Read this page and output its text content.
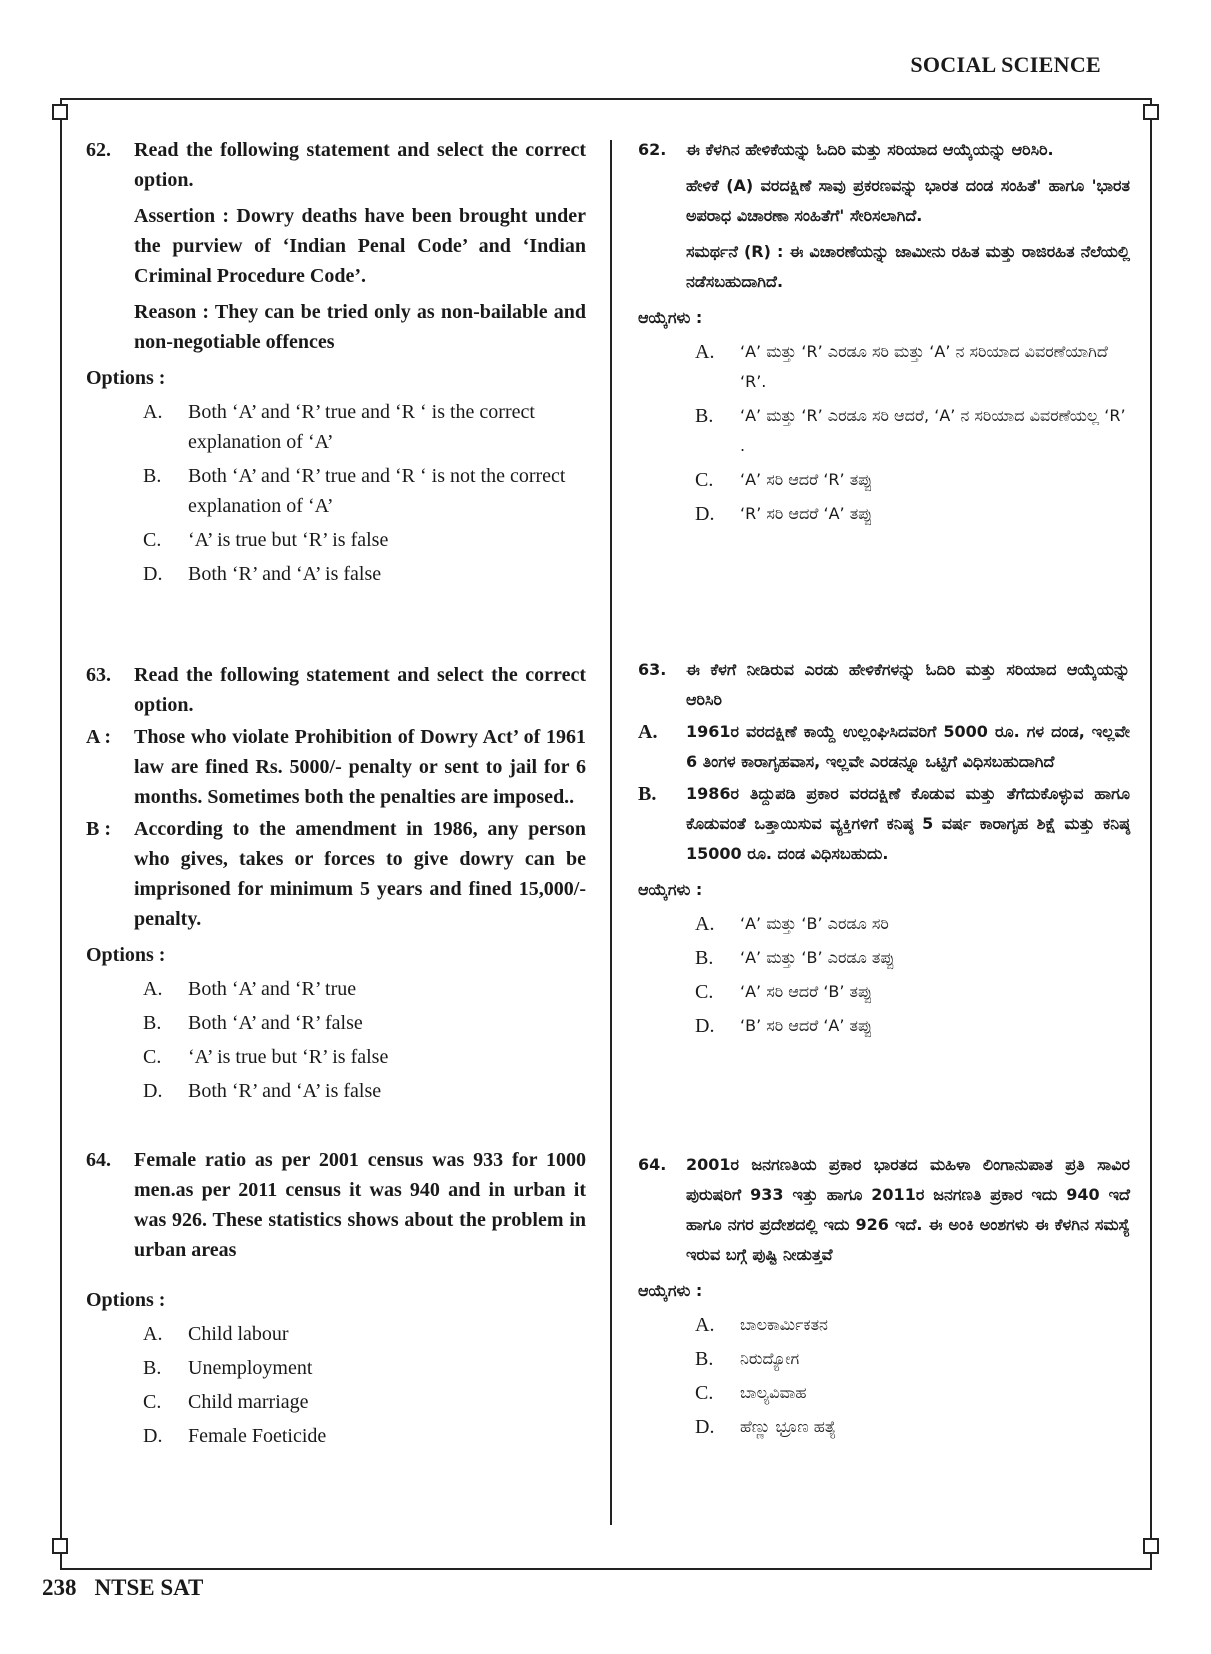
SOCIAL SCIENCE
62.	Read the following statement and select the correct option.
Assertion : Dowry deaths have been brought under the purview of ‘Indian Penal Code’ and ‘Indian Criminal Procedure Code’.
Reason : They can be tried only as non-bailable and non-negotiable offences
Options :
A.	Both ‘A’ and ‘R’ true and ‘R ‘ is the correct explanation of ‘A’
B.	Both ‘A’ and ‘R’ true and ‘R ‘ is not the correct explanation of ‘A’
C.	‘A’ is true but ‘R’ is false
D.	Both ‘R’ and ‘A’ is false
63.	Read the following statement and select the correct option.
A :	Those who violate Prohibition of Dowry Act’ of 1961 law are fined Rs. 5000/- penalty or sent to jail for 6 months. Sometimes both the penalties are imposed..
B :	According to the amendment in 1986, any person who gives, takes or forces to give dowry can be imprisoned for minimum 5 years and fined 15,000/- penalty.
Options :
A.	Both ‘A’ and ‘R’ true
B.	Both ‘A’ and ‘R’ false
C.	‘A’ is true but ‘R’ is false
D.	Both ‘R’ and ‘A’ is false
64.	Female ratio as per 2001 census was 933 for 1000 men.as per 2011 census it was 940 and in urban it was 926. These statistics shows about the problem in urban areas
Options :
A.	Child labour
B.	Unemployment
C.	Child marriage
D.	Female Foeticide
62.	ಈ ಕೆಳಗಿನ ಹೇಳಿಕೆಯನ್ನು ಓದಿರಿ ಮತ್ತು ಸರಿಯಾದ ಆಯ್ಕೆಯನ್ನು ಆರಿಸಿರಿ.
ಹೇಳಿಕೆ (A) ವರದಕ್ಷಿಣೆ ಸಾವು ಪ್ರಕರಣವನ್ನು ಭಾರತ ದಂಡ ಸಂಹಿತೆ' ಹಾಗೂ 'ಭಾರತ ಅಪರಾಧ ವಿಚಾರಣಾ ಸಂಹಿತೆಗೆ' ಸೇರಿಸಲಾಗಿದೆ.
ಸಮರ್ಥನೆ (R) : ಈ ವಿಚಾರಣೆಯನ್ನು ಜಾಮೀನು ರಹಿತ ಮತ್ತು ರಾಜಿರಹಿತ ನೆಲೆಯಲ್ಲಿ ನಡೆಸಬಹುದಾಗಿದೆ.
ಆಯ್ಕೆಗಳು :
A.	‘A’ ಮತ್ತು ‘R’ ಎರಡೂ ಸರಿ ಮತ್ತು ‘A’ ನ ಸರಿಯಾದ ವಿವರಣೆಯಾಗಿದೆ ‘R’.
B.	‘A’ ಮತ್ತು ‘R’ ಎರಡೂ ಸರಿ ಆದರೆ, ‘A’ ನ ಸರಿಯಾದ ವಿವರಣೆಯಲ್ಲ ‘R’ .
C.	‘A’ ಸರಿ ಆದರೆ ‘R’ ತಪ್ಪು
D.	‘R’ ಸರಿ ಆದರೆ ‘A’ ತಪ್ಪು
63.	ಈ ಕೆಳಗೆ ನೀಡಿರುವ ಎರಡು ಹೇಳಿಕೆಗಳನ್ನು ಓದಿರಿ ಮತ್ತು ಸರಿಯಾದ ಆಯ್ಕೆಯನ್ನು ಆರಿಸಿರಿ
A.	1961ರ ವರದಕ್ಷಿಣೆ ಕಾಯ್ದೆ ಉಲ್ಲಂಘಿಸಿದವರಿಗೆ 5000 ರೂ. ಗಳ ದಂಡ, ಇಲ್ಲವೇ 6 ತಿಂಗಳ ಕಾರಾಗೃಹವಾಸ, ಇಲ್ಲವೇ ಎರಡನ್ನೂ ಒಟ್ಟಿಗೆ ವಿಧಿಸಬಹುದಾಗಿದೆ
B.	1986ರ ತಿದ್ದುಪಡಿ ಪ್ರಕಾರ ವರದಕ್ಷಿಣೆ ಕೊಡುವ ಮತ್ತು ತೆಗೆದುಕೊಳ್ಳುವ ಹಾಗೂ ಕೊಡುವಂತೆ ಒತ್ತಾಯಿಸುವ ವ್ಯಕ್ತಿಗಳಿಗೆ ಕನಿಷ್ಠ 5 ವರ್ಷ ಕಾರಾಗೃಹ ಶಿಕ್ಷೆ ಮತ್ತು ಕನಿಷ್ಠ 15000 ರೂ. ದಂಡ ವಿಧಿಸಬಹುದು.
ಆಯ್ಕೆಗಳು :
A.	‘A’ ಮತ್ತು ‘B’ ಎರಡೂ ಸರಿ
B.	‘A’ ಮತ್ತು ‘B’ ಎರಡೂ ತಪ್ಪು
C.	‘A’ ಸರಿ ಆದರೆ ‘B’ ತಪ್ಪು
D.	‘B’ ಸರಿ ಆದರೆ ‘A’ ತಪ್ಪು
64.	2001ರ ಜನಗಣತಿಯ ಪ್ರಕಾರ ಭಾರತದ ಮಹಿಳಾ ಲಿಂಗಾನುಪಾತ ಪ್ರತಿ ಸಾವಿರ ಪುರುಷರಿಗೆ 933 ಇತ್ತು ಹಾಗೂ 2011ರ ಜನಗಣತಿ ಪ್ರಕಾರ ಇದು 940 ಇದೆ ಹಾಗೂ ನಗರ ಪ್ರದೇಶದಲ್ಲಿ ಇದು 926 ಇದೆ. ಈ ಅಂಕಿ ಅಂಶಗಳು ಈ ಕೆಳಗಿನ ಸಮಸ್ಯೆ ಇರುವ ಬಗ್ಗೆ ಪುಷ್ಟಿ ನೀಡುತ್ತವೆ
ಆಯ್ಕೆಗಳು :
A.	ಬಾಲಕಾರ್ಮಿಕತನ
B.	ನಿರುದ್ಯೋಗ
C.	ಬಾಲ್ಯವಿವಾಹ
D.	ಹೆಣ್ಣು ಭ್ರೂಣ ಹತ್ಯೆ
238 NTSE SAT
